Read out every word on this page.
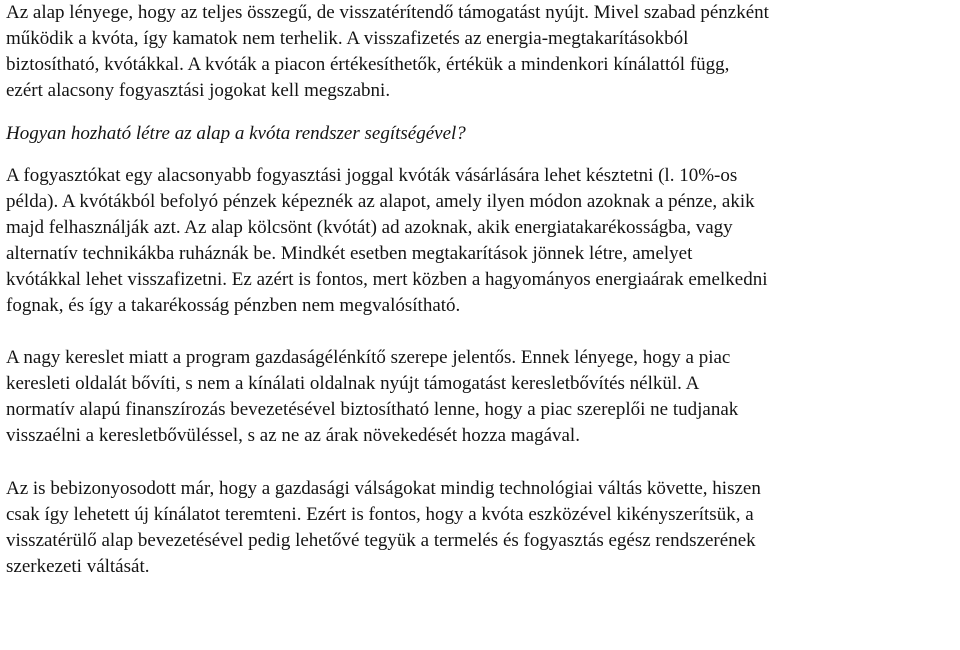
Az alap lényege, hogy az teljes összegű, de visszatérítendő támogatást nyújt. Mivel szabad pénzként
működik a kvóta, így kamatok nem terhelik. A visszafizetés az energia-megtakarításokból
biztosítható, kvótákkal. A kvóták a piacon értékesíthetők, értékük a mindenkori kínálattól függ,
ezért alacsony fogyasztási jogokat kell megszabni.
Hogyan hozható létre az alap a kvóta rendszer segítségével?
A fogyasztókat egy alacsonyabb fogyasztási joggal kvóták vásárlására lehet késztetni (l. 10%-os
példa). A kvótákból befolyó pénzek képeznék az alapot, amely ilyen módon azoknak a pénze, akik
majd felhasználják azt. Az alap kölcsönt (kvótát) ad azoknak, akik energiatakarékosságba, vagy
alternatív technikákba ruháznák be. Mindkét esetben megtakarítások jönnek létre, amelyet
kvótákkal lehet visszafizetni. Ez azért is fontos, mert közben a hagyományos energiaárak emelkedni
fognak, és így a takarékosság pénzben nem megvalósítható.
A nagy kereslet miatt a program gazdaságélénkítő szerepe jelentős. Ennek lényege, hogy a piac
keresleti oldalát bővíti, s nem a kínálati oldalnak nyújt támogatást keresletbővítés nélkül. A
normatív alapú finanszírozás bevezetésével biztosítható lenne, hogy a piac szereplői ne tudjanak
visszaélni a keresletbővüléssel, s az ne az árak növekedését hozza magával.
Az is bebizonyosodott már, hogy a gazdasági válságokat mindig technológiai váltás követte, hiszen
csak így lehetett új kínálatot teremteni. Ezért is fontos, hogy a kvóta eszközével kikényszerítsük, a
visszatérülő alap bevezetésével pedig lehetővé tegyük a termelés és fogyasztás egész rendszerének
szerkezeti váltását.
